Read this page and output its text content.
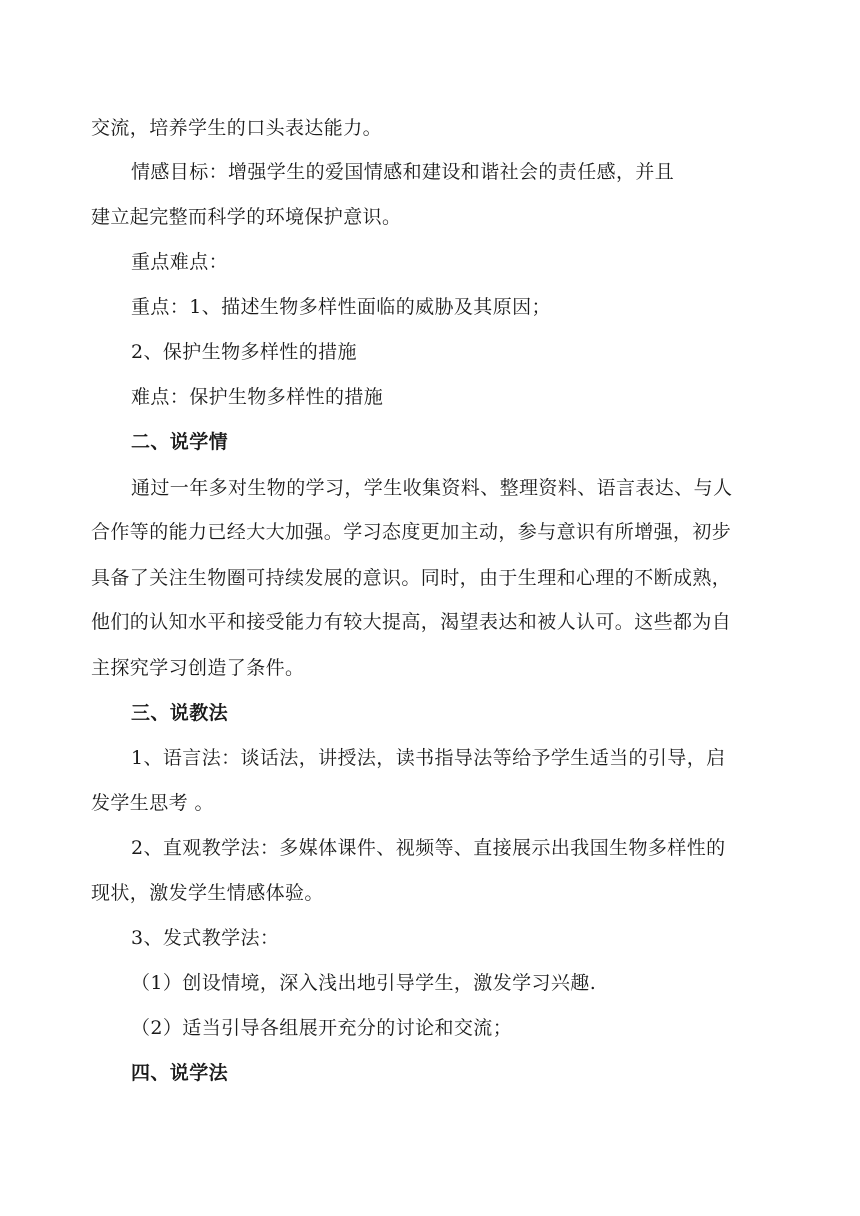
交流，培养学生的口头表达能力。
情感目标：增强学生的爱国情感和建设和谐社会的责任感，并且
建立起完整而科学的环境保护意识。
重点难点：
重点：1、描述生物多样性面临的威胁及其原因；
2、保护生物多样性的措施
难点：保护生物多样性的措施
二、说学情
通过一年多对生物的学习，学生收集资料、整理资料、语言表达、与人
合作等的能力已经大大加强。学习态度更加主动，参与意识有所增强，初步
具备了关注生物圈可持续发展的意识。同时，由于生理和心理的不断成熟，
他们的认知水平和接受能力有较大提高，渴望表达和被人认可。这些都为自
主探究学习创造了条件。
三、说教法
1、语言法：谈话法，讲授法，读书指导法等给予学生适当的引导，启
发学生思考 。
2、直观教学法：多媒体课件、视频等、直接展示出我国生物多样性的
现状，激发学生情感体验。
3、发式教学法：
（1）创设情境，深入浅出地引导学生，激发学习兴趣.
（2）适当引导各组展开充分的讨论和交流；
四、说学法
